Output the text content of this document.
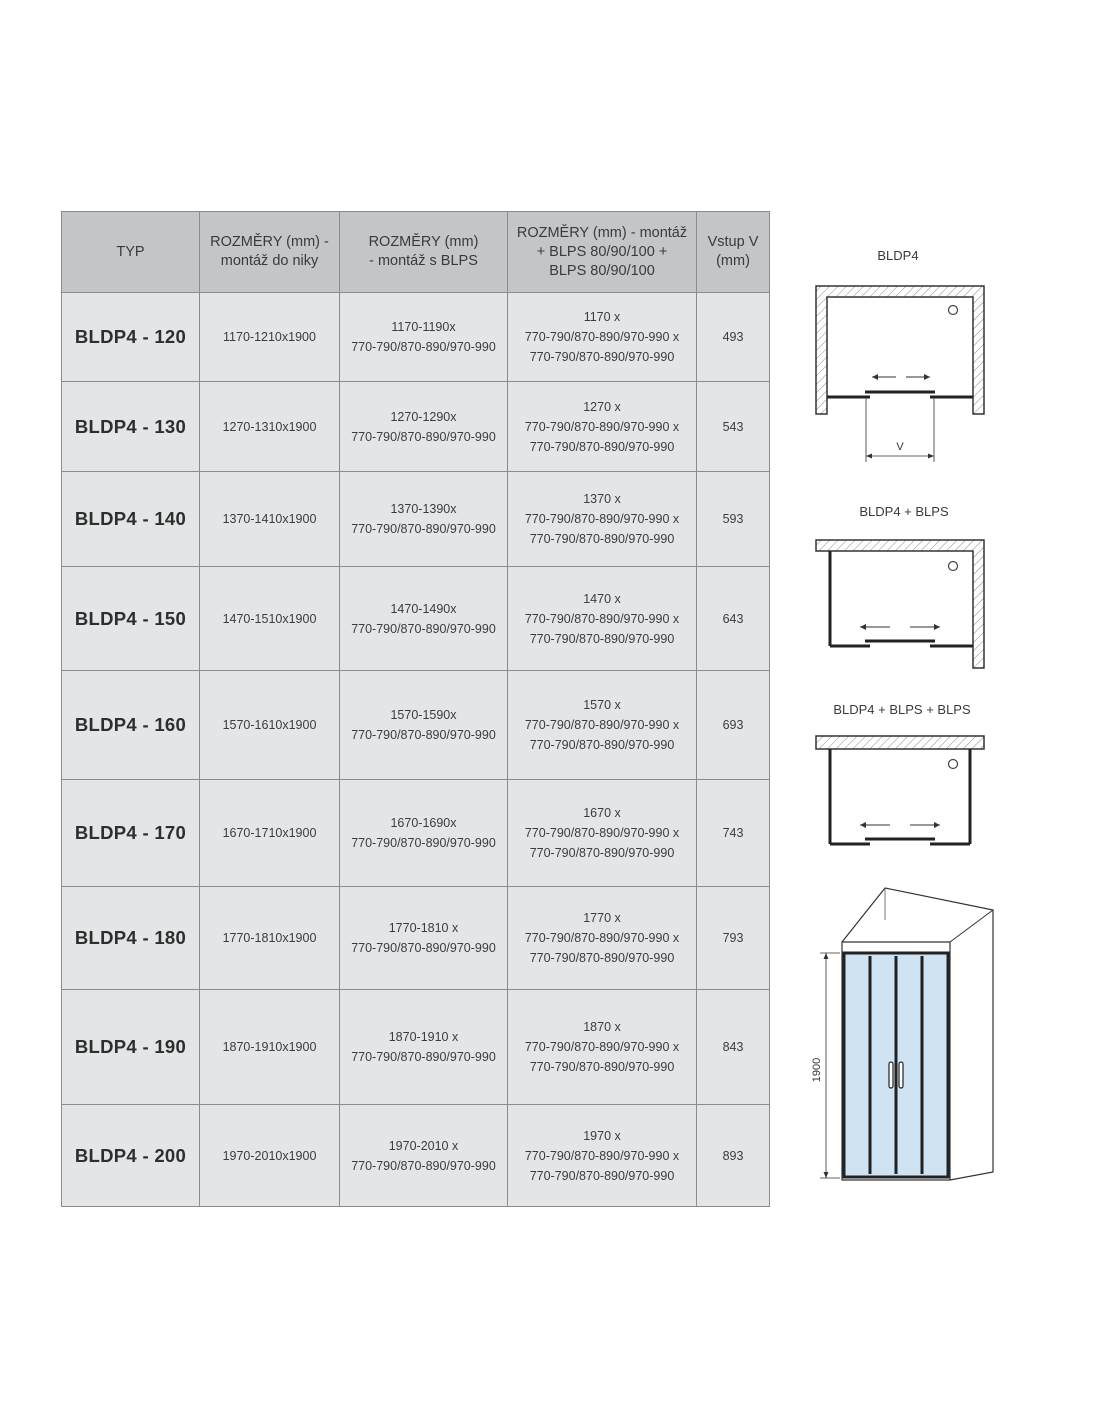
TYP	ROZMĚRY (mm) -
montáž do niky	ROZMĚRY (mm)
- montáž s BLPS	ROZMĚRY (mm) - montáž
+ BLPS 80/90/100 +
BLPS 80/90/100	Vstup V
(mm)

BLDP4 - 120	1170-1210x1900	1170-1190x
770-790/870-890/970-990	1170 x
770-790/870-890/970-990 x
770-790/870-890/970-990	493

BLDP4 - 130	1270-1310x1900	1270-1290x
770-790/870-890/970-990	1270 x
770-790/870-890/970-990 x
770-790/870-890/970-990	543

BLDP4 - 140	1370-1410x1900	1370-1390x
770-790/870-890/970-990	1370 x
770-790/870-890/970-990 x
770-790/870-890/970-990	593

BLDP4 - 150	1470-1510x1900	1470-1490x
770-790/870-890/970-990	1470 x
770-790/870-890/970-990 x
770-790/870-890/970-990	643

BLDP4 - 160	1570-1610x1900	1570-1590x
770-790/870-890/970-990	1570 x
770-790/870-890/970-990 x
770-790/870-890/970-990	693

BLDP4 - 170	1670-1710x1900	1670-1690x
770-790/870-890/970-990	1670 x
770-790/870-890/970-990 x
770-790/870-890/970-990	743

BLDP4 - 180	1770-1810x1900	1770-1810 x
770-790/870-890/970-990	1770 x
770-790/870-890/970-990 x
770-790/870-890/970-990	793

BLDP4 - 190	1870-1910x1900	1870-1910 x
770-790/870-890/970-990	1870 x
770-790/870-890/970-990 x
770-790/870-890/970-990	843

BLDP4 - 200	1970-2010x1900	1970-2010 x
770-790/870-890/970-990	1970 x
770-790/870-890/970-990 x
770-790/870-890/970-990	893
BLDP4
V
BLDP4 + BLPS
BLDP4 + BLPS + BLPS
1900
